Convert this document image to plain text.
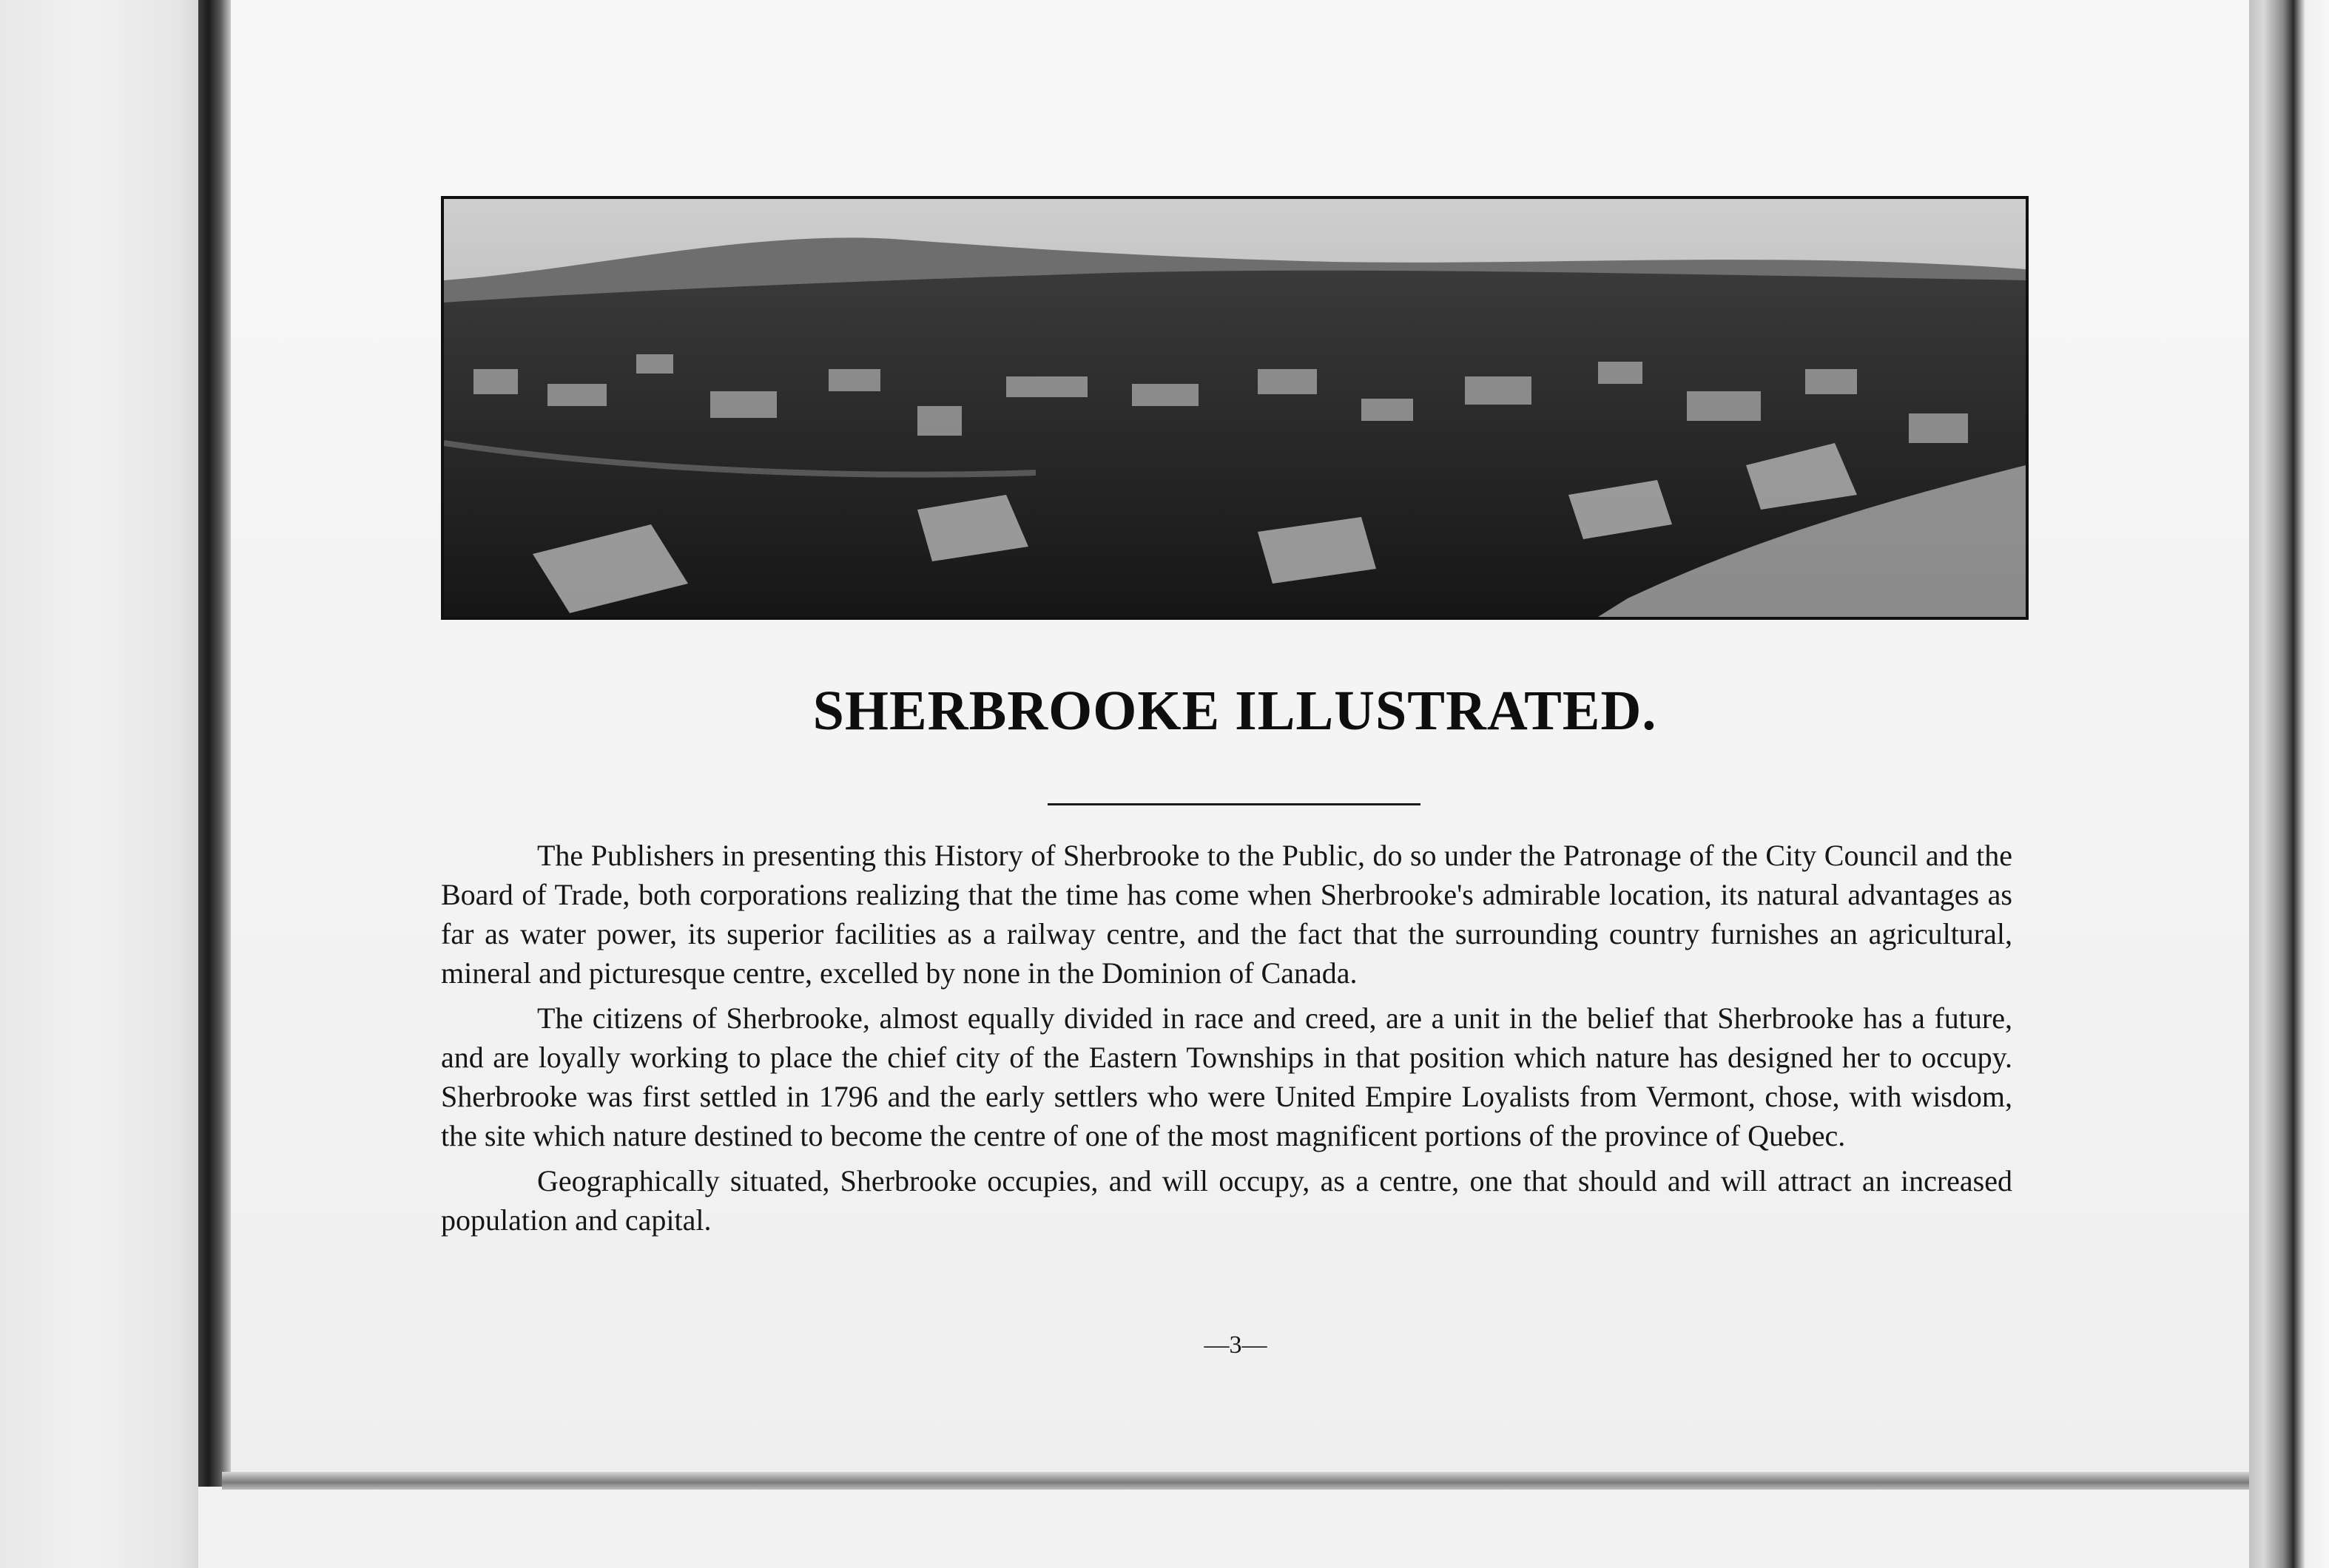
SHERBROOKE ILLUSTRATED.

The Publishers in presenting this History of Sherbrooke to the Public, do so under the Patronage of the City Council and the Board of Trade, both corporations realizing that the time has come when Sherbrooke's admirable location, its natural advantages as far as water power, its superior facilities as a railway centre, and the fact that the surrounding country furnishes an agricultural, mineral and picturesque centre, excelled by none in the Dominion of Canada.

The citizens of Sherbrooke, almost equally divided in race and creed, are a unit in the belief that Sherbrooke has a future, and are loyally working to place the chief city of the Eastern Townships in that position which nature has designed her to occupy. Sherbrooke was first settled in 1796 and the early settlers who were United Empire Loyalists from Vermont, chose, with wisdom, the site which nature destined to become the centre of one of the most magnificent portions of the province of Quebec.

Geographically situated, Sherbrooke occupies, and will occupy, as a centre, one that should and will attract an increased population and capital.

—3—
